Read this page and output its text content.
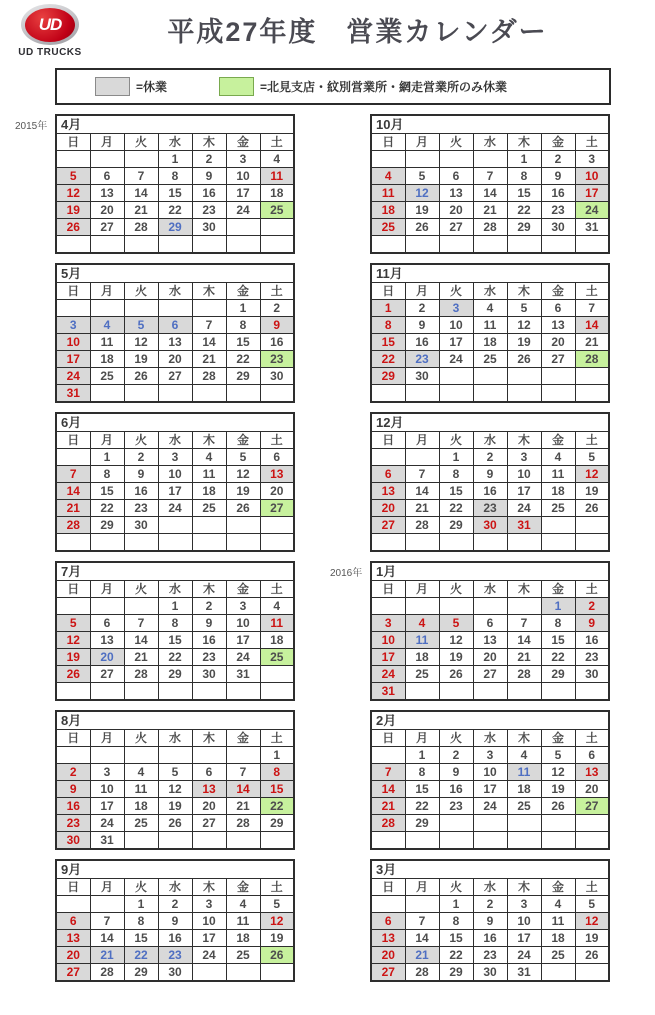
UD
UD TRUCKS
平成27年度　営業カレンダー
=休業	=北見支店・紋別営業所・網走営業所のみ休業
2015年 4月						
日	月	火	水	木	金	土
			1	2	3	4
5	6	7	8	9	10	11
12	13	14	15	16	17	18
19	20	21	22	23	24	25
26	27	28	29	30		

5月						
日	月	火	水	木	金	土
					1	2
3	4	5	6	7	8	9
10	11	12	13	14	15	16
17	18	19	20	21	22	23
24	25	26	27	28	29	30
31						
6月						
日	月	火	水	木	金	土
	1	2	3	4	5	6
7	8	9	10	11	12	13
14	15	16	17	18	19	20
21	22	23	24	25	26	27
28	29	30				

7月						
日	月	火	水	木	金	土
			1	2	3	4
5	6	7	8	9	10	11
12	13	14	15	16	17	18
19	20	21	22	23	24	25
26	27	28	29	30	31	

8月						
日	月	火	水	木	金	土
						1
2	3	4	5	6	7	8
9	10	11	12	13	14	15
16	17	18	19	20	21	22
23	24	25	26	27	28	29
30	31					
9月						
日	月	火	水	木	金	土
		1	2	3	4	5
6	7	8	9	10	11	12
13	14	15	16	17	18	19
20	21	22	23	24	25	26
27	28	29	30			
10月						
日	月	火	水	木	金	土
				1	2	3
4	5	6	7	8	9	10
11	12	13	14	15	16	17
18	19	20	21	22	23	24
25	26	27	28	29	30	31

11月						
日	月	火	水	木	金	土
1	2	3	4	5	6	7
8	9	10	11	12	13	14
15	16	17	18	19	20	21
22	23	24	25	26	27	28
29	30					

12月						
日	月	火	水	木	金	土
		1	2	3	4	5
6	7	8	9	10	11	12
13	14	15	16	17	18	19
20	21	22	23	24	25	26
27	28	29	30	31		

2016年 1月						
日	月	火	水	木	金	土
					1	2
3	4	5	6	7	8	9
10	11	12	13	14	15	16
17	18	19	20	21	22	23
24	25	26	27	28	29	30
31						
2月						
日	月	火	水	木	金	土
	1	2	3	4	5	6
7	8	9	10	11	12	13
14	15	16	17	18	19	20
21	22	23	24	25	26	27
28	29					

3月						
日	月	火	水	木	金	土
		1	2	3	4	5
6	7	8	9	10	11	12
13	14	15	16	17	18	19
20	21	22	23	24	25	26
27	28	29	30	31		
